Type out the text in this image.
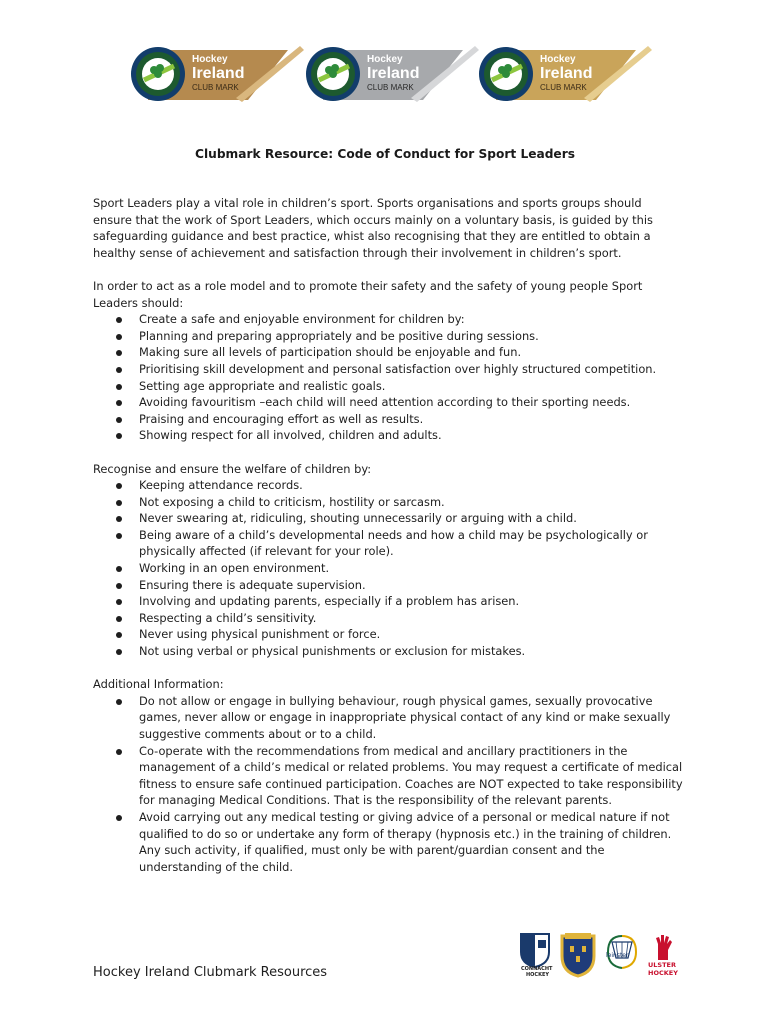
Hockey
Ireland
CLUB MARK
Hockey
Ireland
CLUB MARK
Hockey
Ireland
CLUB MARK
Clubmark Resource: Code of Conduct for Sport Leaders

Sport Leaders play a vital role in children’s sport. Sports organisations and sports groups should ensure that the work of Sport Leaders, which occurs mainly on a voluntary basis, is guided by this safeguarding guidance and best practice, whist also recognising that they are entitled to obtain a healthy sense of achievement and satisfaction through their involvement in children’s sport.

In order to act as a role model and to promote their safety and the safety of young people Sport Leaders should:

Create a safe and enjoyable environment for children by:
Planning and preparing appropriately and be positive during sessions.
Making sure all levels of participation should be enjoyable and fun.
Prioritising skill development and personal satisfaction over highly structured competition.
Setting age appropriate and realistic goals.
Avoiding favouritism –each child will need attention according to their sporting needs.
Praising and encouraging effort as well as results.
Showing respect for all involved, children and adults.

Recognise and ensure the welfare of children by:

Keeping attendance records.
Not exposing a child to criticism, hostility or sarcasm.
Never swearing at, ridiculing, shouting unnecessarily or arguing with a child.
Being aware of a child’s developmental needs and how a child may be psychologically or physically affected (if relevant for your role).
Working in an open environment.
Ensuring there is adequate supervision.
Involving and updating parents, especially if a problem has arisen.
Respecting a child’s sensitivity.
Never using physical punishment or force.
Not using verbal or physical punishments or exclusion for mistakes.

Additional Information:

Do not allow or engage in bullying behaviour, rough physical games, sexually provocative games, never allow or engage in inappropriate physical contact of any kind or make sexually suggestive comments about or to a child.
Co-operate with the recommendations from medical and ancillary practitioners in the management of a child’s medical or related problems. You may request a certificate of medical fitness to ensure safe continued participation. Coaches are NOT expected to take responsibility for managing Medical Conditions. That is the responsibility of the relevant parents.
Avoid carrying out any medical testing or giving advice of a personal or medical nature if not qualified to do so or undertake any form of therapy (hypnosis etc.) in the training of children. Any such activity, if qualified, must only be with parent/guardian consent and the understanding of the child.
Hockey Ireland Clubmark Resources	CONNACHT
HOCKEY
leinster
ULSTER
HOCKEY
